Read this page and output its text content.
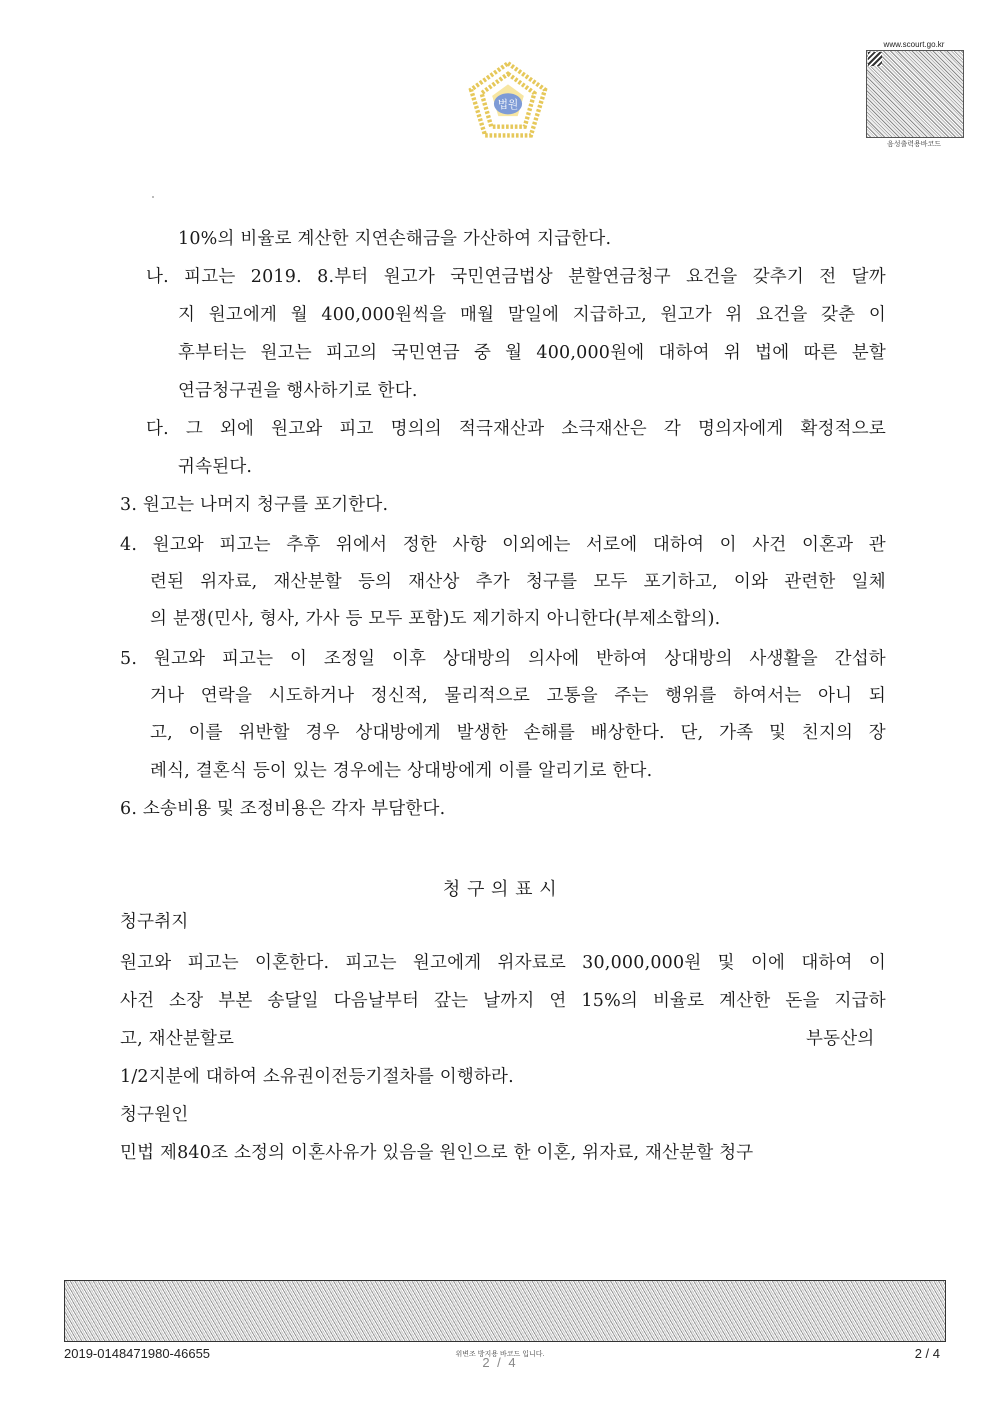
법원
www.scourt.go.kr
음성출력용바코드
10%의 비율로 계산한 지연손해금을 가산하여 지급한다.
나. 피고는 2019. 8.부터 원고가 국민연금법상 분할연금청구 요건을 갖추기 전 달까
지 원고에게 월 400,000원씩을 매월 말일에 지급하고, 원고가 위 요건을 갖춘 이
후부터는 원고는 피고의 국민연금 중 월 400,000원에 대하여 위 법에 따른 분할
연금청구권을 행사하기로 한다.
다. 그 외에 원고와 피고 명의의 적극재산과 소극재산은 각 명의자에게 확정적으로
귀속된다.
3. 원고는 나머지 청구를 포기한다.
4. 원고와 피고는 추후 위에서 정한 사항 이외에는 서로에 대하여 이 사건 이혼과 관
련된 위자료, 재산분할 등의 재산상 추가 청구를 모두 포기하고, 이와 관련한 일체
의 분쟁(민사, 형사, 가사 등 모두 포함)도 제기하지 아니한다(부제소합의).
5. 원고와 피고는 이 조정일 이후 상대방의 의사에 반하여 상대방의 사생활을 간섭하
거나 연락을 시도하거나 정신적, 물리적으로 고통을 주는 행위를 하여서는 아니 되
고, 이를 위반할 경우 상대방에게 발생한 손해를 배상한다. 단, 가족 및 친지의 장
례식, 결혼식 등이 있는 경우에는 상대방에게 이를 알리기로 한다.
6. 소송비용 및 조정비용은 각자 부담한다.
청 구 의 표 시
청구취지
원고와 피고는 이혼한다. 피고는 원고에게 위자료로 30,000,000원 및 이에 대하여 이
사건 소장 부본 송달일 다음날부터 갚는 날까지 연 15%의 비율로 계산한 돈을 지급하
고, 재산분할로	부동산의
1/2지분에 대하여 소유권이전등기절차를 이행하라.
청구원인
민법 제840조 소정의 이혼사유가 있음을 원인으로 한 이혼, 위자료, 재산분할 청구
2019-0148471980-46655	위변조 방지용 바코드 입니다.
2 / 4
2 / 4
